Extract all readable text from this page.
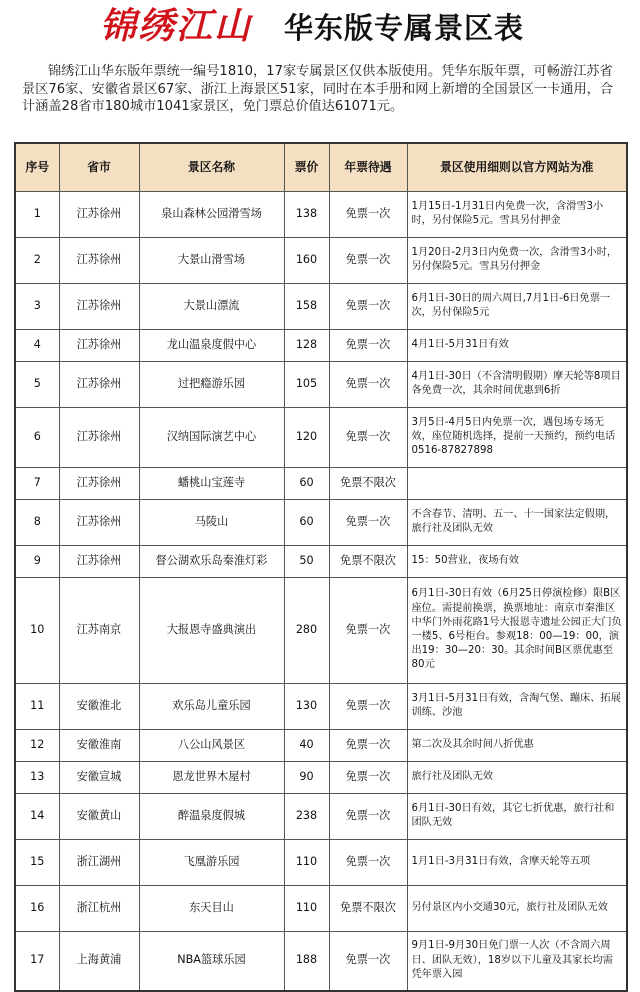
锦绣江山 华东版专属景区表

锦绣江山华东版年票统一编号1810，17家专属景区仅供本版使用。凭华东版年票，可畅游江苏省景区76家、安徽省景区67家、浙江上海景区51家，同时在本手册和网上新增的全国景区一卡通用，合计涵盖28省市180城市1041家景区，免门票总价值达61071元。

序号	省市	景区名称	票价	年票待遇	景区使用细则以官方网站为准
1	江苏徐州	泉山森林公园滑雪场	138	免票一次	1月15日-1月31日内免费一次，含滑雪3小时，另付保险5元。雪具另付押金
2	江苏徐州	大景山滑雪场	160	免票一次	1月20日-2月3日内免费一次，含滑雪3小时，另付保险5元。雪具另付押金
3	江苏徐州	大景山漂流	158	免票一次	6月1日-30日的周六周日,7月1日-6日免票一次，另付保险5元
4	江苏徐州	龙山温泉度假中心	128	免票一次	4月1日-5月31日有效
5	江苏徐州	过把瘾游乐园	105	免票一次	4月1日-30日（不含清明假期）摩天轮等8项目各免费一次，其余时间优惠到6折
6	江苏徐州	汉纳国际演艺中心	120	免票一次	3月5日-4月5日内免票一次，遇包场专场无效，座位随机选择，提前一天预约，预约电话0516-87827898
7	江苏徐州	蟠桃山宝莲寺	60	免票不限次	
8	江苏徐州	马陵山	60	免票一次	不含春节、清明、五一、十一国家法定假期，旅行社及团队无效
9	江苏徐州	督公湖欢乐岛秦淮灯彩	50	免票不限次	15：50营业，夜场有效
10	江苏南京	大报恩寺盛典演出	280	免票一次	6月1日-30日有效（6月25日停演检修）限B区座位。需提前换票，换票地址：南京市秦淮区中华门外雨花路1号大报恩寺遗址公园正大门负一楼5、6号柜台。参观18：00—19：00，演出19：30—20：30。其余时间B区票优惠至80元
11	安徽淮北	欢乐岛儿童乐园	130	免票一次	3月1日-5月31日有效，含淘气堡、蹦床、拓展训练、沙池
12	安徽淮南	八公山风景区	40	免票一次	第二次及其余时间八折优惠
13	安徽宣城	恩龙世界木屋村	90	免票一次	旅行社及团队无效
14	安徽黄山	醉温泉度假城	238	免票一次	6月1日-30日有效，其它七折优惠，旅行社和团队无效
15	浙江湖州	飞凰游乐园	110	免票一次	1月1日-3月31日有效，含摩天轮等五项
16	浙江杭州	东天目山	110	免票不限次	另付景区内小交通30元，旅行社及团队无效
17	上海黄浦	NBA篮球乐园	188	免票一次	9月1日-9月30日免门票一人次（不含周六周日、团队无效），18岁以下儿童及其家长均需凭年票入园
